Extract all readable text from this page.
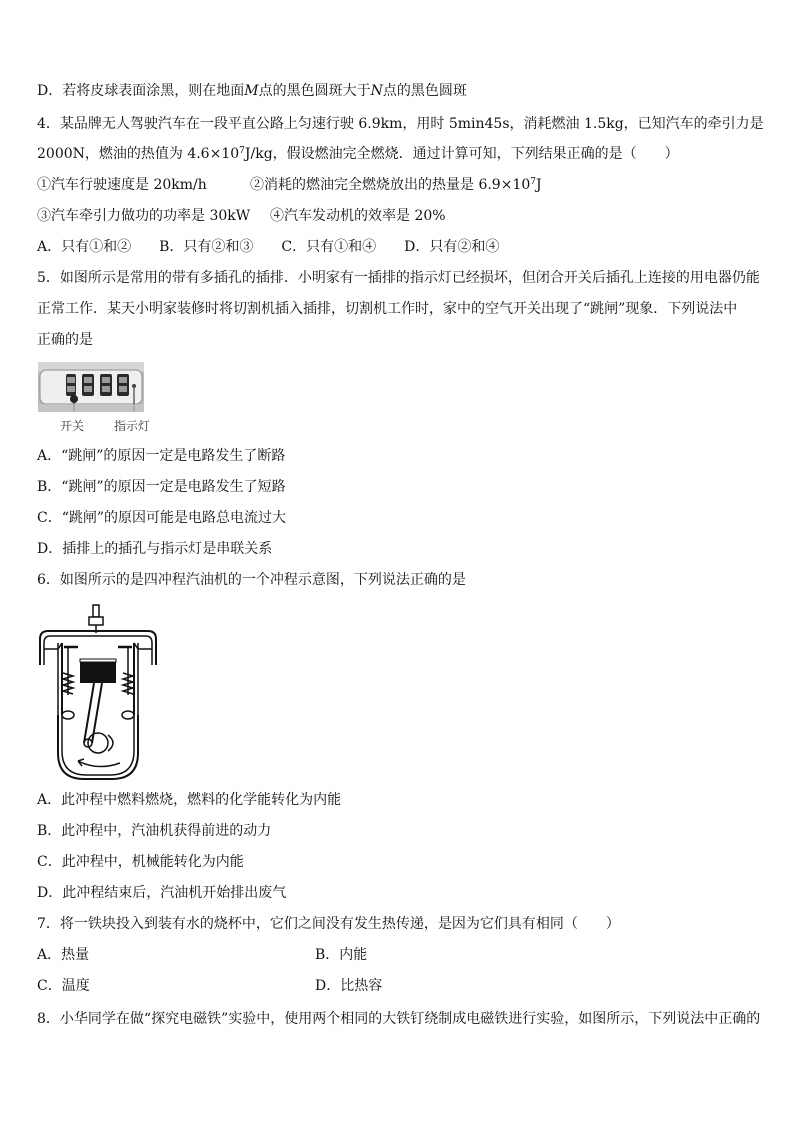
D．若将皮球表面涂黑，则在地面M点的黑色圆斑大于N点的黑色圆斑
4．某品牌无人驾驶汽车在一段平直公路上匀速行驶 6.9km，用时 5min45s，消耗燃油 1.5kg，已知汽车的牵引力是
2000N，燃油的热值为 $4.6\times 10^7J/kg$，假设燃油完全燃烧．通过计算可知，下列结果正确的是（　　）
①汽车行驶速度是 20km/h	②消耗的燃油完全燃烧放出的热量是 $6.9\times 10^7J$
③汽车牵引力做功的功率是 30kW ④汽车发动机的效率是 20%
A．只有①和②　　B．只有②和③　　C．只有①和④　　D．只有②和④
5．如图所示是常用的带有多插孔的插排．小明家有一插排的指示灯已经损坏，但闭合开关后插孔上连接的用电器仍能
正常工作．某天小明家装修时将切割机插入插排，切割机工作时，家中的空气开关出现了“跳闸”现象．下列说法中
正确的是
开关 指示灯
A．“跳闸”的原因一定是电路发生了断路
B．“跳闸”的原因一定是电路发生了短路
C．“跳闸”的原因可能是电路总电流过大
D．插排上的插孔与指示灯是串联关系
6．如图所示的是四冲程汽油机的一个冲程示意图，下列说法正确的是
A．此冲程中燃料燃烧，燃料的化学能转化为内能
B．此冲程中，汽油机获得前进的动力
C．此冲程中，机械能转化为内能
D．此冲程结束后，汽油机开始排出废气
7．将一铁块投入到装有水的烧杯中，它们之间没有发生热传递，是因为它们具有相同（　　）
A．热量	B．内能
C．温度	D．比热容
8．小华同学在做“探究电磁铁”实验中，使用两个相同的大铁钉绕制成电磁铁进行实验，如图所示，下列说法中正确的
